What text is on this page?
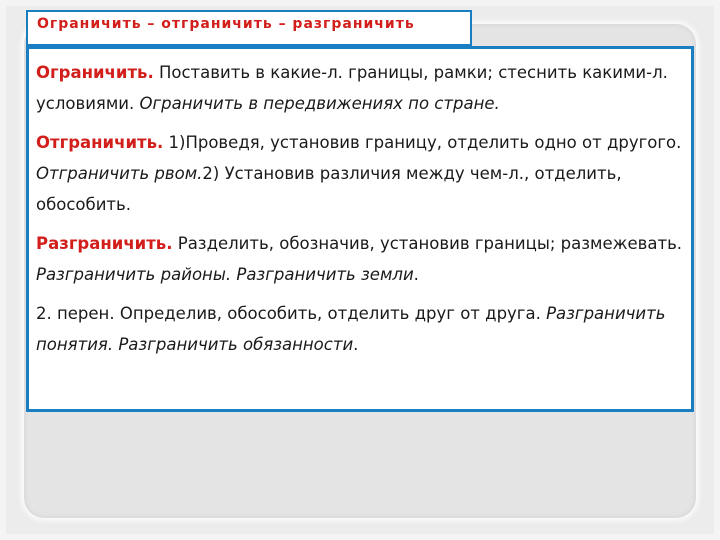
Ограничить – отграничить – разграничить

Ограничить. Поставить в какие-л. границы, рамки; стеснить какими-л. условиями. Ограничить в передвижениях по стране.

Отграничить. 1)Проведя, установив границу, отделить одно от другого. Отграничить рвом.2) Установив различия между чем-л., отделить, обособить.

Разграничить. Разделить, обозначив, установив границы; размежевать. Разграничить районы. Разграничить земли.

2. перен. Определив, обособить, отделить друг от друга. Разграничить понятия. Разграничить обязанности.
